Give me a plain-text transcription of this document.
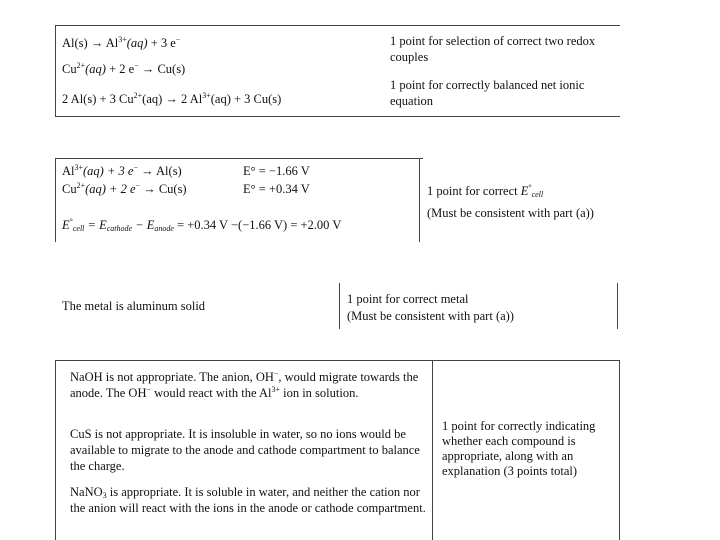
$Al(s) \to Al^{3+}(aq) + 3$ e−
$Cu^{2+}(aq) + 2$ e− → Cu(s)
2 Al(s) + 3 $Cu^{2+}(aq) \to 2$ $Al^{3+}(aq) + 3$ Cu(s)
1 point for selection of correct two redox couples
1 point for correctly balanced net ionic equation
$Al^{3+}(aq) + 3$ e− → Al(s)	E° = −1.66 V
$Cu^{2+}(aq) + 2$ e− → Cu(s)	E° = +0.34 V
$E^\circ_{cell} = E_{cathode} - E_{anode} = +0.34$ V −(−1.66 V) = +2.00 V
1 point for correct $E^\circ_{cell}$
(Must be consistent with part (a))
The metal is aluminum solid	1 point for correct metal
(Must be consistent with part (a))
NaOH is not appropriate. The anion, OH−, would migrate towards the anode. The OH− would react with the $Al^{3+}$ ion in solution.
CuS is not appropriate. It is insoluble in water, so no ions would be available to migrate to the anode and cathode compartment to balance the charge.
NaNO$_3$ is appropriate. It is soluble in water, and neither the cation nor the anion will react with the ions in the anode or cathode compartment.
1 point for correctly indicating whether each compound is appropriate, along with an explanation (3 points total)
